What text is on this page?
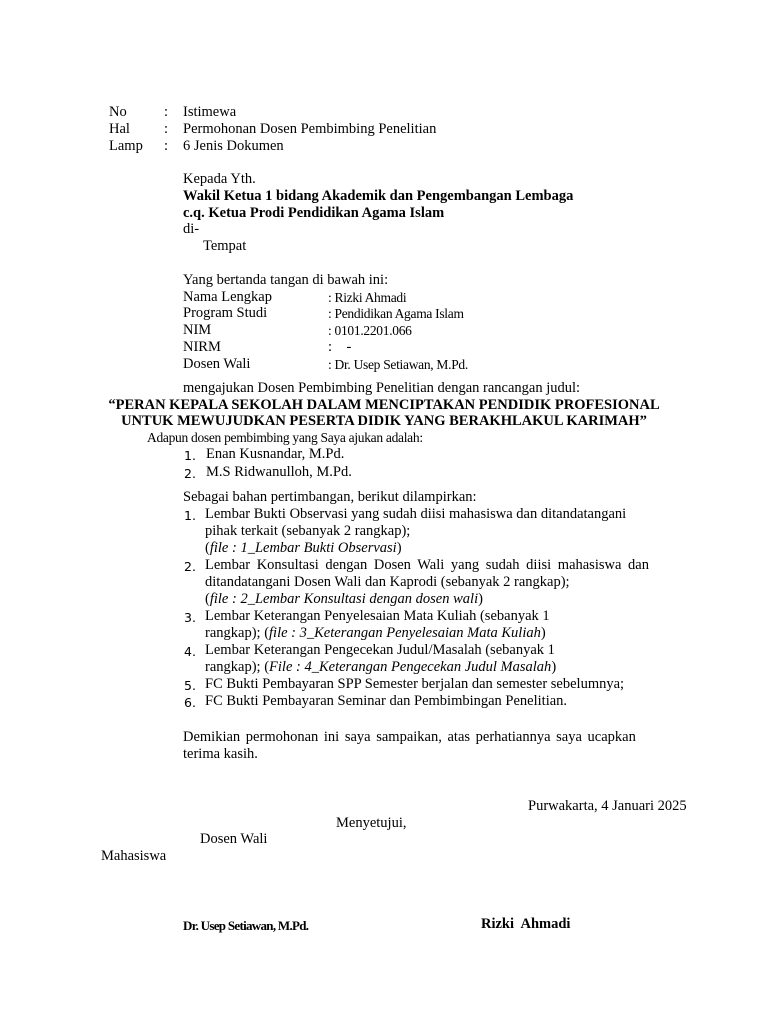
No	: Istimewa
Hal : Permohonan Dosen Pembimbing Penelitian
Lamp : 6 Jenis Dokumen
Kepada Yth.
Wakil Ketua 1 bidang Akademik dan Pengembangan Lembaga
c.q. Ketua Prodi Pendidikan Agama Islam
di-
Tempat
Yang bertanda tangan di bawah ini:
Nama Lengkap	: Rizki Ahmadi
Program Studi	: Pendidikan Agama Islam
NIM	: 0101.2201.066
NIRM	:    -
Dosen Wali	: Dr. Usep Setiawan, M.Pd.
mengajukan Dosen Pembimbing Penelitian dengan rancangan judul:
“PERAN KEPALA SEKOLAH DALAM MENCIPTAKAN PENDIDIK PROFESIONAL
UNTUK MEWUJUDKAN PESERTA DIDIK YANG BERAKHLAKUL KARIMAH”
Adapun dosen pembimbing yang Saya ajukan adalah:
1. Enan Kusnandar, M.Pd.
2. M.S Ridwanulloh, M.Pd.
Sebagai bahan pertimbangan, berikut dilampirkan:
1. Lembar Bukti Observasi yang sudah diisi mahasiswa dan ditandatangani
pihak terkait (sebanyak 2 rangkap);
(file : 1_Lembar Bukti Observasi)
2. Lembar Konsultasi dengan Dosen Wali yang sudah diisi mahasiswa dan
ditandatangani Dosen Wali dan Kaprodi (sebanyak 2 rangkap);
(file : 2_Lembar Konsultasi dengan dosen wali)
3. Lembar Keterangan Penyelesaian Mata Kuliah (sebanyak 1
rangkap); (file : 3_Keterangan Penyelesaian Mata Kuliah)
4. Lembar Keterangan Pengecekan Judul/Masalah (sebanyak 1
rangkap); (File : 4_Keterangan Pengecekan Judul Masalah)
5. FC Bukti Pembayaran SPP Semester berjalan dan semester sebelumnya;
6. FC Bukti Pembayaran Seminar dan Pembimbingan Penelitian.
Demikian permohonan ini saya sampaikan, atas perhatiannya saya ucapkan
terima kasih.
Purwakarta, 4 Januari 2025
Menyetujui,
Dosen Wali
Mahasiswa
Dr. Usep Setiawan, M.Pd.	Rizki  Ahmadi
